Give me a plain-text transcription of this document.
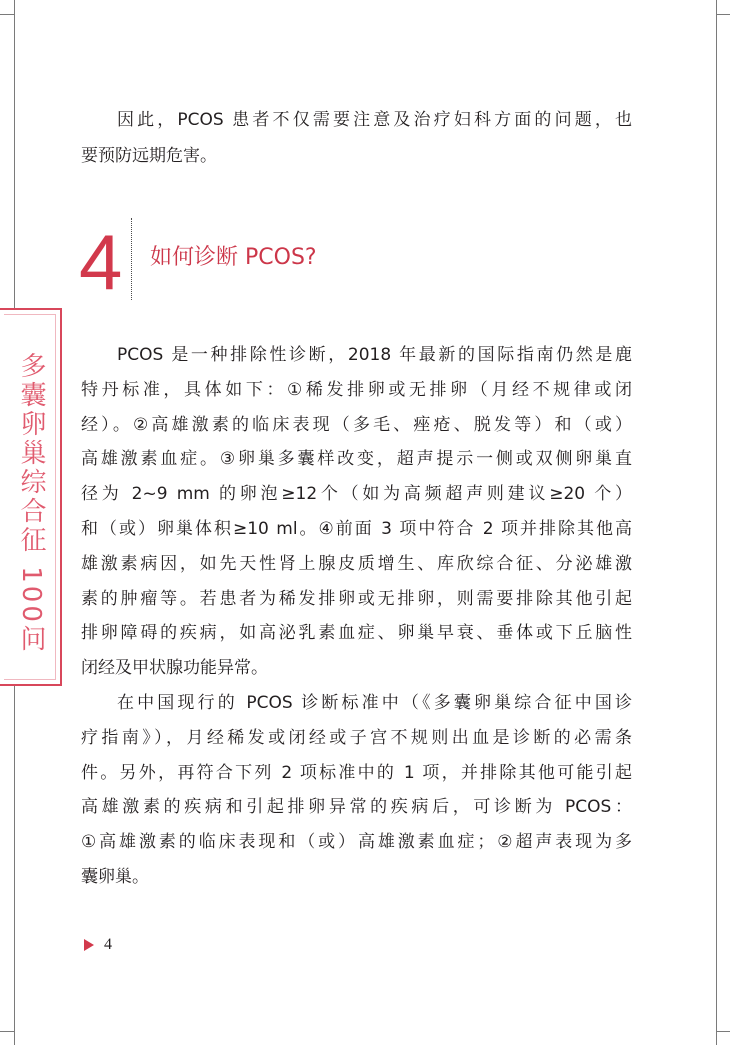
多囊卵巢综合征 100问
因此，PCOS 患者不仅需要注意及治疗妇科方面的问题，也
要预防远期危害。
4 如何诊断 PCOS?
PCOS 是一种排除性诊断，2018 年最新的国际指南仍然是鹿
特丹标准，具体如下：①稀发排卵或无排卵（月经不规律或闭
经）。②高雄激素的临床表现（多毛、痤疮、脱发等）和（或）
高雄激素血症。③卵巢多囊样改变，超声提示一侧或双侧卵巢直
径为 2~9 mm 的卵泡≥12个（如为高频超声则建议≥20 个）
和（或）卵巢体积≥10 ml。④前面 3 项中符合 2 项并排除其他高
雄激素病因，如先天性肾上腺皮质增生、库欣综合征、分泌雄激
素的肿瘤等。若患者为稀发排卵或无排卵，则需要排除其他引起
排卵障碍的疾病，如高泌乳素血症、卵巢早衰、垂体或下丘脑性
闭经及甲状腺功能异常。
在中国现行的 PCOS 诊断标准中（《多囊卵巢综合征中国诊
疗指南》），月经稀发或闭经或子宫不规则出血是诊断的必需条
件。另外，再符合下列 2 项标准中的 1 项，并排除其他可能引起
高雄激素的疾病和引起排卵异常的疾病后，可诊断为 PCOS：
①高雄激素的临床表现和（或）高雄激素血症；②超声表现为多
囊卵巢。
4
